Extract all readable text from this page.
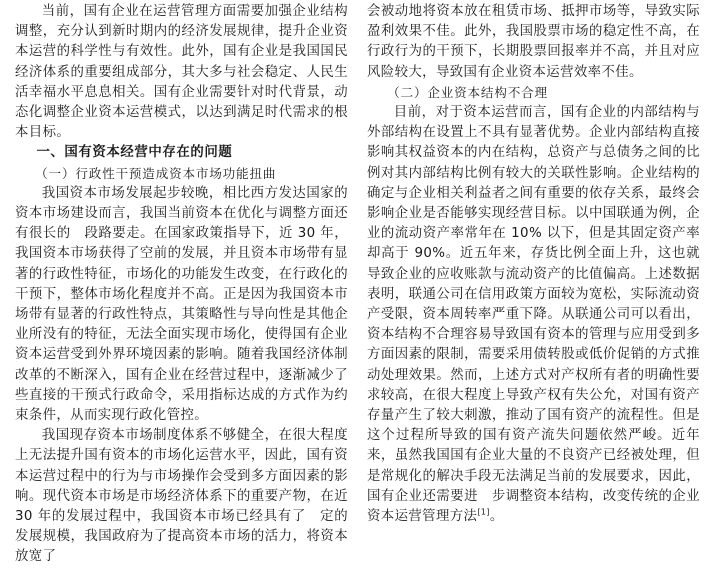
当前，国有企业在运营管理方面需要加强企业结构调整，充分认到新时期内的经济发展规律，提升企业资本运营的科学性与有效性。此外，国有企业是我国国民经济体系的重要组成部分，其大多与社会稳定、人民生活幸福水平息息相关。国有企业需要针对时代背景，动态化调整企业资本运营模式，以达到满足时代需求的根本目标。

一、国有资本经营中存在的问题

（一）行政性干预造成资本市场功能扭曲

我国资本市场发展起步较晚，相比西方发达国家的资本市场建设而言，我国当前资本在优化与调整方面还有很长的　段路要走。在国家政策指导下，近 30 年，我国资本市场获得了空前的发展，并且资本市场带有显著的行政性特征，市场化的功能发生改变，在行政化的干预下，整体市场化程度并不高。正是因为我国资本市场带有显著的行政性特点，其策略性与导向性是其他企业所没有的特征，无法全面实现市场化，使得国有企业资本运营受到外界环境因素的影响。随着我国经济体制改革的不断深入，国有企业在经营过程中，逐渐减少了　些直接的干预式行政命令，采用指标达成的方式作为约束条件，从而实现行政化管控。

我国现存资本市场制度体系不够健全，在很大程度上无法提升国有资本的市场化运营水平，因此，国有资本运营过程中的行为与市场操作会受到多方面因素的影响。现代资本市场是市场经济体系下的重要产物，在近 30 年的发展过程中，我国资本市场已经具有了　定的发展规模，我国政府为了提高资本市场的活力，将资本放宽了

会被动地将资本放在租赁市场、抵押市场等，导致实际盈利效果不佳。此外，我国股票市场的稳定性不高，在行政行为的干预下，长期股票回报率并不高，并且对应风险较大，导致国有企业资本运营效率不佳。

（二）企业资本结构不合理

目前，对于资本运营而言，国有企业的内部结构与外部结构在设置上不具有显著优势。企业内部结构直接影响其权益资本的内在结构，总资产与总债务之间的比例对其内部结构比例有较大的关联性影响。企业结构的确定与企业相关利益者之间有重要的依存关系，最终会影响企业是否能够实现经营目标。以中国联通为例，企业的流动资产率常年在 10% 以下，但是其固定资产率却高于 90%。近五年来，存货比例全面上升，这也就导致企业的应收账款与流动资产的比值偏高。上述数据表明，联通公司在信用政策方面较为宽松，实际流动资产受限，资本周转率严重下降。从联通公司可以看出，资本结构不合理容易导致国有资本的管理与应用受到多方面因素的限制，需要采用债转股或低价促销的方式推动处理效果。然而，上述方式对产权所有者的明确性要求较高，在很大程度上导致产权有失公允，对国有资产存量产生了较大刺激，推动了国有资产的流程性。但是这个过程所导致的国有资产流失问题依然严峻。近年来，虽然我国国有企业大量的不良资产已经被处理，但是常规化的解决手段无法满足当前的发展要求，因此，国有企业还需要进　步调整资本结构，改变传统的企业资本运营管理方法[1]。
